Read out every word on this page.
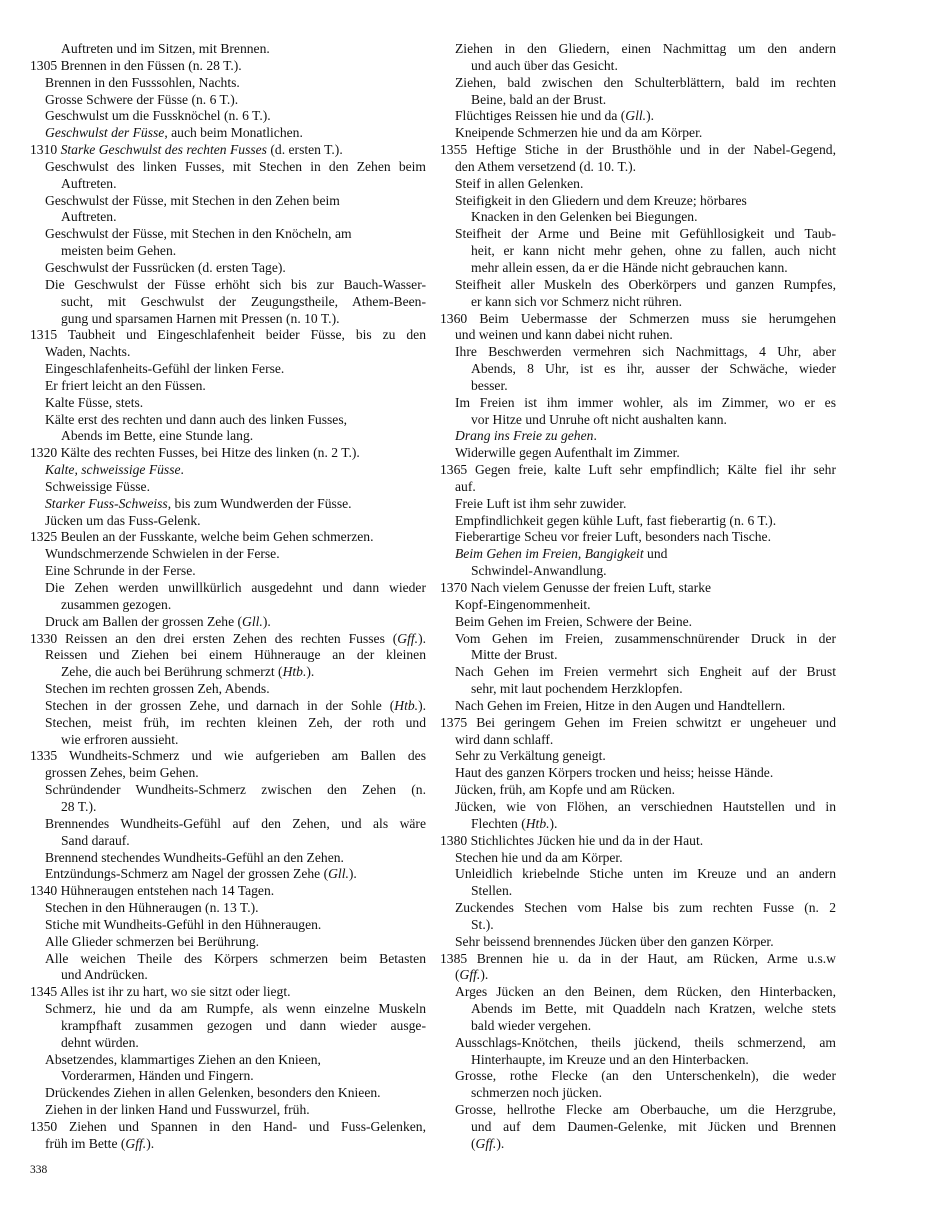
Auftreten und im Sitzen, mit Brennen.
1305 Brennen in den Füssen (n. 28 T.).
Brennen in den Fusssohlen, Nachts.
Grosse Schwere der Füsse (n. 6 T.).
Geschwulst um die Fussknöchel (n. 6 T.).
Geschwulst der Füsse, auch beim Monatlichen.
1310 Starke Geschwulst des rechten Fusses (d. ersten T.).
Geschwulst des linken Fusses, mit Stechen in den Zehen beim
Auftreten.
Geschwulst der Füsse, mit Stechen in den Zehen beim
Auftreten.
Geschwulst der Füsse, mit Stechen in den Knöcheln, am
meisten beim Gehen.
Geschwulst der Fussrücken (d. ersten Tage).
Die Geschwulst der Füsse erhöht sich bis zur Bauch-Wasser-
sucht, mit Geschwulst der Zeugungstheile, Athem-Been-
gung und sparsamen Harnen mit Pressen (n. 10 T.).
1315 Taubheit und Eingeschlafenheit beider Füsse, bis zu den
Waden, Nachts.
Eingeschlafenheits-Gefühl der linken Ferse.
Er friert leicht an den Füssen.
Kalte Füsse, stets.
Kälte erst des rechten und dann auch des linken Fusses,
Abends im Bette, eine Stunde lang.
1320 Kälte des rechten Fusses, bei Hitze des linken (n. 2 T.).
Kalte, schweissige Füsse.
Schweissige Füsse.
Starker Fuss-Schweiss, bis zum Wundwerden der Füsse.
Jücken um das Fuss-Gelenk.
1325 Beulen an der Fusskante, welche beim Gehen schmerzen.
Wundschmerzende Schwielen in der Ferse.
Eine Schrunde in der Ferse.
Die Zehen werden unwillkürlich ausgedehnt und dann wieder
zusammen gezogen.
Druck am Ballen der grossen Zehe (Gll.).
1330 Reissen an den drei ersten Zehen des rechten Fusses (Gff.).
Reissen und Ziehen bei einem Hühnerauge an der kleinen
Zehe, die auch bei Berührung schmerzt (Htb.).
Stechen im rechten grossen Zeh, Abends.
Stechen in der grossen Zehe, und darnach in der Sohle (Htb.).
Stechen, meist früh, im rechten kleinen Zeh, der roth und
wie erfroren aussieht.
1335 Wundheits-Schmerz und wie aufgerieben am Ballen des
grossen Zehes, beim Gehen.
Schründender Wundheits-Schmerz zwischen den Zehen (n.
28 T.).
Brennendes Wundheits-Gefühl auf den Zehen, und als wäre
Sand darauf.
Brennend stechendes Wundheits-Gefühl an den Zehen.
Entzündungs-Schmerz am Nagel der grossen Zehe (Gll.).
1340 Hühneraugen entstehen nach 14 Tagen.
Stechen in den Hühneraugen (n. 13 T.).
Stiche mit Wundheits-Gefühl in den Hühneraugen.
Alle Glieder schmerzen bei Berührung.
Alle weichen Theile des Körpers schmerzen beim Betasten
und Andrücken.
1345 Alles ist ihr zu hart, wo sie sitzt oder liegt.
Schmerz, hie und da am Rumpfe, als wenn einzelne Muskeln
krampfhaft zusammen gezogen und dann wieder ausge-
dehnt würden.
Absetzendes, klammartiges Ziehen an den Knieen,
Vorderarmen, Händen und Fingern.
Drückendes Ziehen in allen Gelenken, besonders den Knieen.
Ziehen in der linken Hand und Fusswurzel, früh.
1350 Ziehen und Spannen in den Hand- und Fuss-Gelenken,
früh im Bette (Gff.).
Ziehen in den Gliedern, einen Nachmittag um den andern
und auch über das Gesicht.
Ziehen, bald zwischen den Schulterblättern, bald im rechten
Beine, bald an der Brust.
Flüchtiges Reissen hie und da (Gll.).
Kneipende Schmerzen hie und da am Körper.
1355 Heftige Stiche in der Brusthöhle und in der Nabel-Gegend,
den Athem versetzend (d. 10. T.).
Steif in allen Gelenken.
Steifigkeit in den Gliedern und dem Kreuze; hörbares
Knacken in den Gelenken bei Biegungen.
Steifheit der Arme und Beine mit Gefühllosigkeit und Taub-
heit, er kann nicht mehr gehen, ohne zu fallen, auch nicht
mehr allein essen, da er die Hände nicht gebrauchen kann.
Steifheit aller Muskeln des Oberkörpers und ganzen Rumpfes,
er kann sich vor Schmerz nicht rühren.
1360 Beim Uebermasse der Schmerzen muss sie herumgehen
und weinen und kann dabei nicht ruhen.
Ihre Beschwerden vermehren sich Nachmittags, 4 Uhr, aber
Abends, 8 Uhr, ist es ihr, ausser der Schwäche, wieder
besser.
Im Freien ist ihm immer wohler, als im Zimmer, wo er es
vor Hitze und Unruhe oft nicht aushalten kann.
Drang ins Freie zu gehen.
Widerwille gegen Aufenthalt im Zimmer.
1365 Gegen freie, kalte Luft sehr empfindlich; Kälte fiel ihr sehr
auf.
Freie Luft ist ihm sehr zuwider.
Empfindlichkeit gegen kühle Luft, fast fieberartig (n. 6 T.).
Fieberartige Scheu vor freier Luft, besonders nach Tische.
Beim Gehen im Freien, Bangigkeit und
Schwindel-Anwandlung.
1370 Nach vielem Genusse der freien Luft, starke
Kopf-Eingenommenheit.
Beim Gehen im Freien, Schwere der Beine.
Vom Gehen im Freien, zusammenschnürender Druck in der
Mitte der Brust.
Nach Gehen im Freien vermehrt sich Engheit auf der Brust
sehr, mit laut pochendem Herzklopfen.
Nach Gehen im Freien, Hitze in den Augen und Handtellern.
1375 Bei geringem Gehen im Freien schwitzt er ungeheuer und
wird dann schlaff.
Sehr zu Verkältung geneigt.
Haut des ganzen Körpers trocken und heiss; heisse Hände.
Jücken, früh, am Kopfe und am Rücken.
Jücken, wie von Flöhen, an verschiednen Hautstellen und in
Flechten (Htb.).
1380 Stichlichtes Jücken hie und da in der Haut.
Stechen hie und da am Körper.
Unleidlich kriebelnde Stiche unten im Kreuze und an andern
Stellen.
Zuckendes Stechen vom Halse bis zum rechten Fusse (n. 2
St.).
Sehr beissend brennendes Jücken über den ganzen Körper.
1385 Brennen hie u. da in der Haut, am Rücken, Arme u.s.w
(Gff.).
Arges Jücken an den Beinen, dem Rücken, den Hinterbacken,
Abends im Bette, mit Quaddeln nach Kratzen, welche stets
bald wieder vergehen.
Ausschlags-Knötchen, theils jückend, theils schmerzend, am
Hinterhaupte, im Kreuze und an den Hinterbacken.
Grosse, rothe Flecke (an den Unterschenkeln), die weder
schmerzen noch jücken.
Grosse, hellrothe Flecke am Oberbauche, um die Herzgrube,
und auf dem Daumen-Gelenke, mit Jücken und Brennen
(Gff.).
338
